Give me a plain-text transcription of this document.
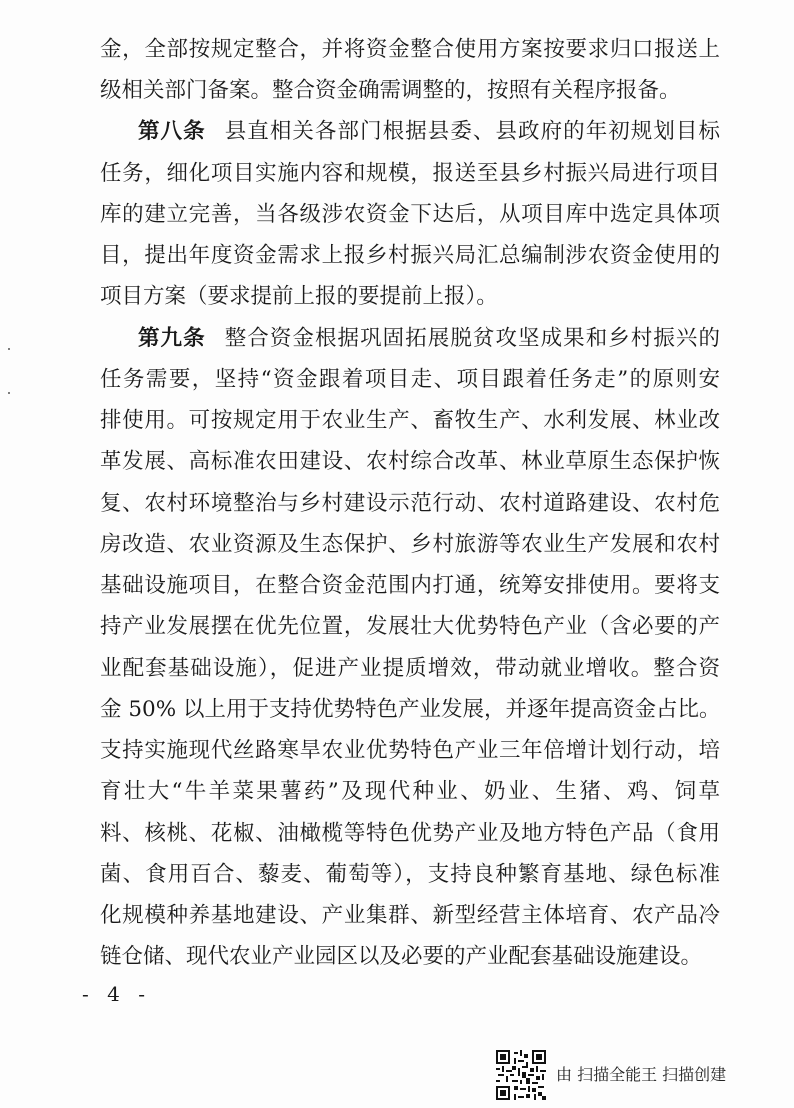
金，全部按规定整合，并将资金整合使用方案按要求归口报送上
级相关部门备案。整合资金确需调整的，按照有关程序报备。
第八条 县直相关各部门根据县委、县政府的年初规划目标
任务，细化项目实施内容和规模，报送至县乡村振兴局进行项目
库的建立完善，当各级涉农资金下达后，从项目库中选定具体项
目，提出年度资金需求上报乡村振兴局汇总编制涉农资金使用的
项目方案（要求提前上报的要提前上报）。
第九条 整合资金根据巩固拓展脱贫攻坚成果和乡村振兴的
任务需要，坚持“资金跟着项目走、项目跟着任务走”的原则安
排使用。可按规定用于农业生产、畜牧生产、水利发展、林业改
革发展、高标准农田建设、农村综合改革、林业草原生态保护恢
复、农村环境整治与乡村建设示范行动、农村道路建设、农村危
房改造、农业资源及生态保护、乡村旅游等农业生产发展和农村
基础设施项目，在整合资金范围内打通，统筹安排使用。要将支
持产业发展摆在优先位置，发展壮大优势特色产业（含必要的产
业配套基础设施），促进产业提质增效，带动就业增收。整合资
金 50% 以上用于支持优势特色产业发展，并逐年提高资金占比。
支持实施现代丝路寒旱农业优势特色产业三年倍增计划行动，培
育壮大“牛羊菜果薯药”及现代种业、奶业、生猪、鸡、饲草
料、核桃、花椒、油橄榄等特色优势产业及地方特色产品（食用
菌、食用百合、藜麦、葡萄等），支持良种繁育基地、绿色标准
化规模种养基地建设、产业集群、新型经营主体培育、农产品冷
链仓储、现代农业产业园区以及必要的产业配套基础设施建设。
- 4 -
由 扫描全能王 扫描创建
